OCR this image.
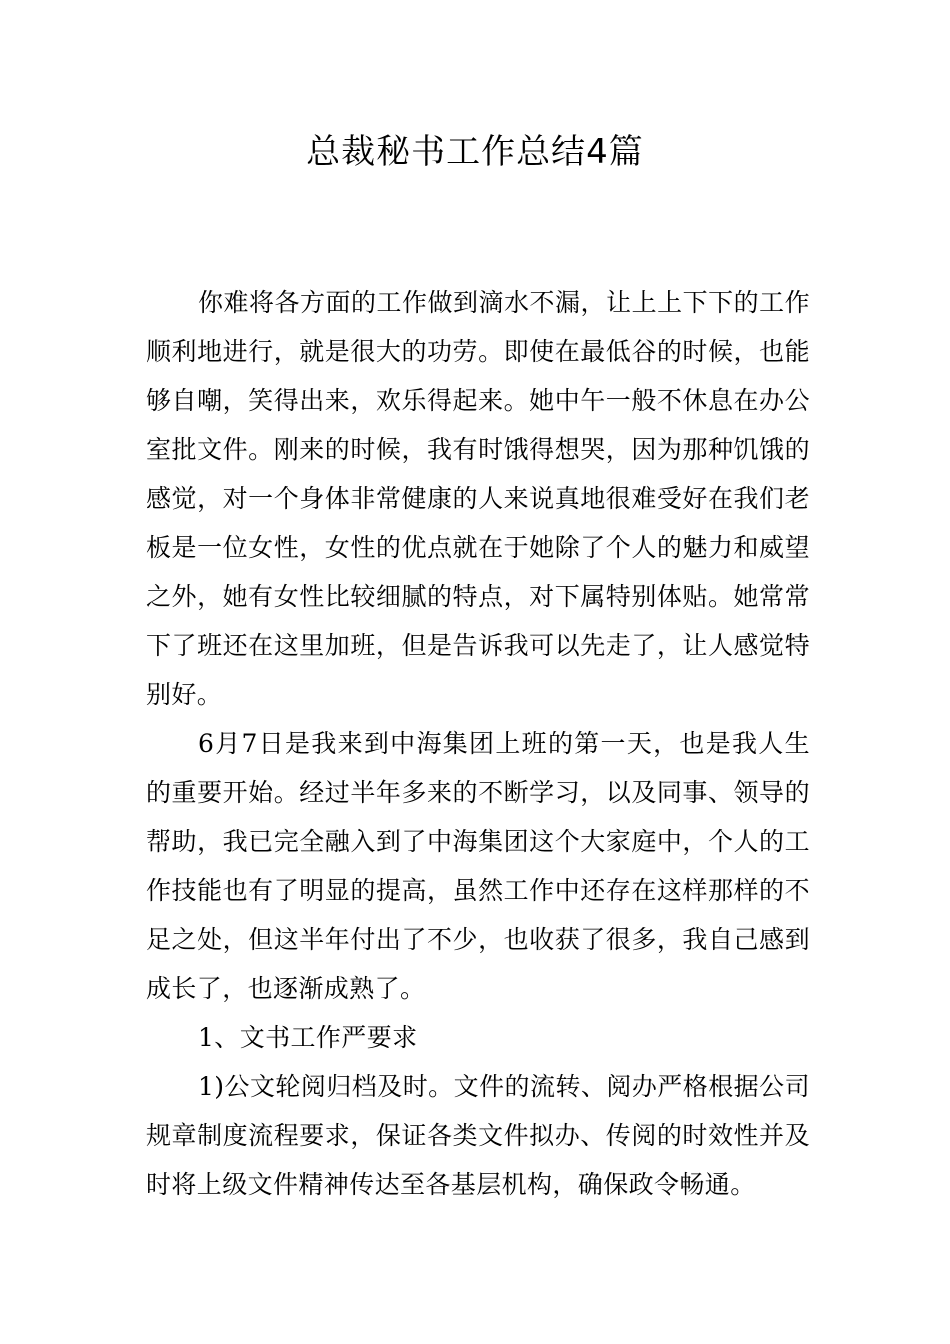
总裁秘书工作总结4篇

你难将各方面的工作做到滴水不漏，让上上下下的工作顺利地进行，就是很大的功劳。即使在最低谷的时候，也能够自嘲，笑得出来，欢乐得起来。她中午一般不休息在办公室批文件。刚来的时候，我有时饿得想哭，因为那种饥饿的感觉，对一个身体非常健康的人来说真地很难受好在我们老板是一位女性，女性的优点就在于她除了个人的魅力和威望之外，她有女性比较细腻的特点，对下属特别体贴。她常常下了班还在这里加班，但是告诉我可以先走了，让人感觉特别好。

6月7日是我来到中海集团上班的第一天，也是我人生的重要开始。经过半年多来的不断学习，以及同事、领导的帮助，我已完全融入到了中海集团这个大家庭中，个人的工作技能也有了明显的提高，虽然工作中还存在这样那样的不足之处，但这半年付出了不少，也收获了很多，我自己感到成长了，也逐渐成熟了。

1、文书工作严要求

1)公文轮阅归档及时。文件的流转、阅办严格根据公司规章制度流程要求，保证各类文件拟办、传阅的时效性并及时将上级文件精神传达至各基层机构，确保政令畅通。
